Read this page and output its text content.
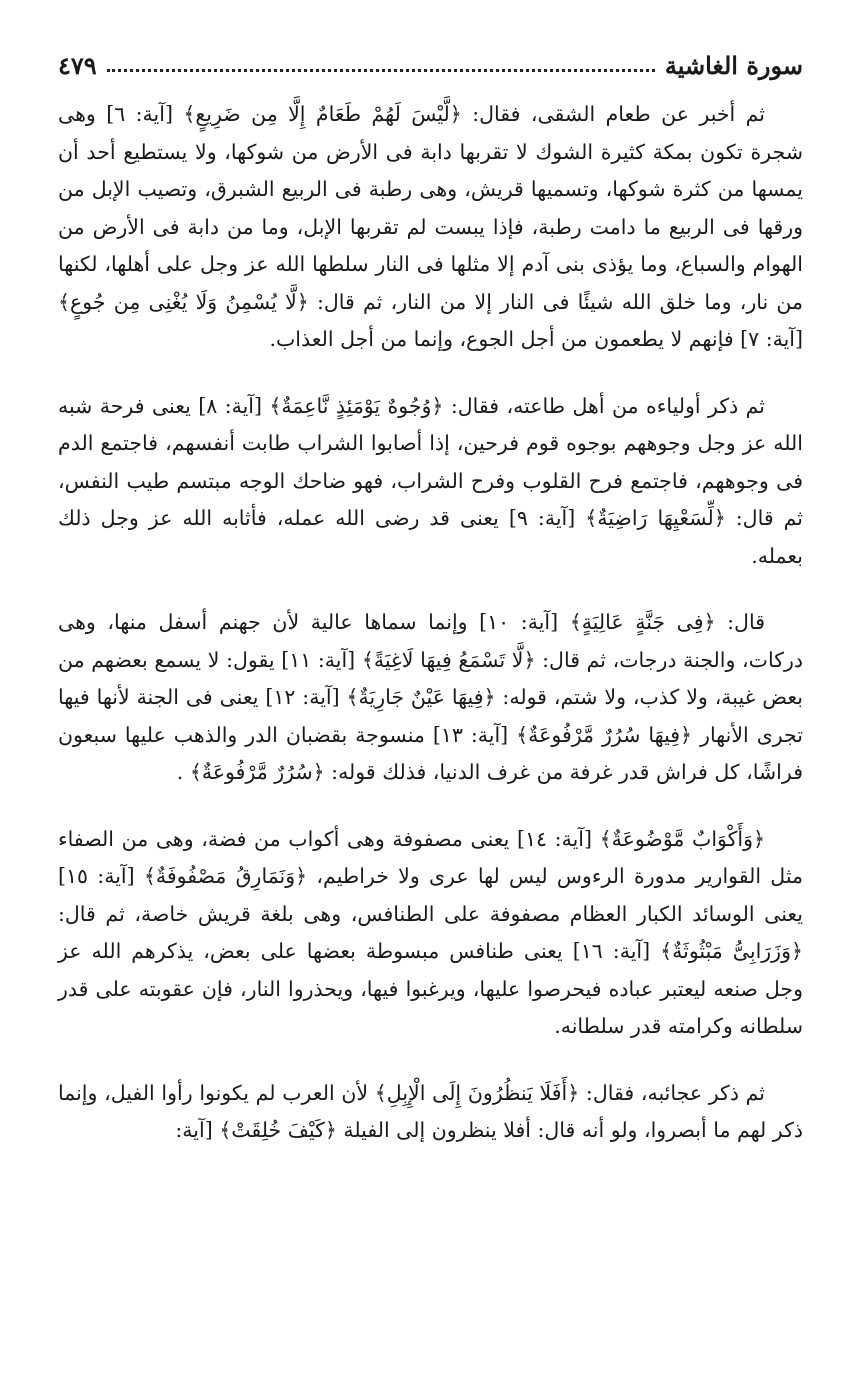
سورة الغاشية
٤٧٩

ثم أخبر عن طعام الشقى، فقال: ﴿لَّيْسَ لَهُمْ طَعَامٌ إِلَّا مِن ضَرِيعٍ﴾ [آية: ٦] وهى شجرة تكون بمكة كثيرة الشوك لا تقربها دابة فى الأرض من شوكها، ولا يستطيع أحد أن يمسها من كثرة شوكها، وتسميها قريش، وهى رطبة فى الربيع الشبرق، وتصيب الإبل من ورقها فى الربيع ما دامت رطبة، فإذا يبست لم تقربها الإبل، وما من دابة فى الأرض من الهوام والسباع، وما يؤذى بنى آدم إلا مثلها فى النار سلطها الله عز وجل على أهلها، لكنها من نار، وما خلق الله شيئًا فى النار إلا من النار، ثم قال: ﴿لَّا يُسْمِنُ وَلَا يُغْنِى مِن جُوعٍ﴾ [آية: ٧] فإنهم لا يطعمون من أجل الجوع، وإنما من أجل العذاب.

ثم ذكر أولياءه من أهل طاعته، فقال: ﴿وُجُوهٌ يَوْمَئِذٍ نَّاعِمَةٌ﴾ [آية: ٨] يعنى فرحة شبه الله عز وجل وجوههم بوجوه قوم فرحين، إذا أصابوا الشراب طابت أنفسهم، فاجتمع الدم فى وجوههم، فاجتمع فرح القلوب وفرح الشراب، فهو ضاحك الوجه مبتسم طيب النفس، ثم قال: ﴿لِّسَعْيِهَا رَاضِيَةٌ﴾ [آية: ٩] يعنى قد رضى الله عمله، فأثابه الله عز وجل ذلك بعمله.

قال: ﴿فِى جَنَّةٍ عَالِيَةٍ﴾ [آية: ١٠] وإنما سماها عالية لأن جهنم أسفل منها، وهى دركات، والجنة درجات، ثم قال: ﴿لَّا تَسْمَعُ فِيهَا لَاغِيَةً﴾ [آية: ١١] يقول: لا يسمع بعضهم من بعض غيبة، ولا كذب، ولا شتم، قوله: ﴿فِيهَا عَيْنٌ جَارِيَةٌ﴾ [آية: ١٢] يعنى فى الجنة لأنها فيها تجرى الأنهار ﴿فِيهَا سُرُرٌ مَّرْفُوعَةٌ﴾ [آية: ١٣] منسوجة بقضبان الدر والذهب عليها سبعون فراشًا، كل فراش قدر غرفة من غرف الدنيا، فذلك قوله: ﴿سُرُرٌ مَّرْفُوعَةٌ﴾ .

﴿وَأَكْوَابٌ مَّوْضُوعَةٌ﴾ [آية: ١٤] يعنى مصفوفة وهى أكواب من فضة، وهى من الصفاء مثل القوارير مدورة الرءوس ليس لها عرى ولا خراطيم، ﴿وَنَمَارِقُ مَصْفُوفَةٌ﴾ [آية: ١٥] يعنى الوسائد الكبار العظام مصفوفة على الطنافس، وهى بلغة قريش خاصة، ثم قال: ﴿وَزَرَابِىُّ مَبْثُوثَةٌ﴾ [آية: ١٦] يعنى طنافس مبسوطة بعضها على بعض، يذكرهم الله عز وجل صنعه ليعتبر عباده فيحرصوا عليها، ويرغبوا فيها، ويحذروا النار، فإن عقوبته على قدر سلطانه وكرامته قدر سلطانه.

ثم ذكر عجائبه، فقال: ﴿أَفَلَا يَنظُرُونَ إِلَى الْإِبِلِ﴾ لأن العرب لم يكونوا رأوا الفيل، وإنما ذكر لهم ما أبصروا، ولو أنه قال: أفلا ينظرون إلى الفيلة ﴿كَيْفَ خُلِقَتْ﴾ [آية:
